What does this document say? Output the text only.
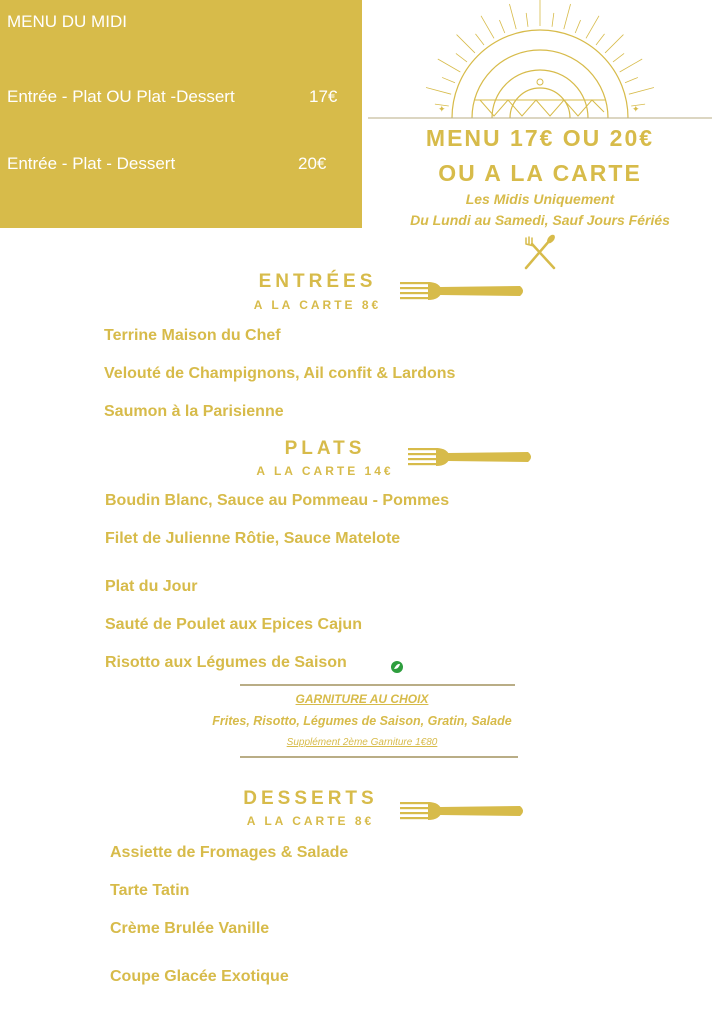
MENU DU MIDI
Entrée - Plat OU Plat -Dessert	17€
Entrée - Plat - Dessert	20€
✦	✦
MENU 17€ OU 20€
OU A LA CARTE
Les Midis Uniquement
Du Lundi au Samedi, Sauf Jours Fériés
ENTRÉES
A LA CARTE 8€
Terrine Maison du Chef
Velouté de Champignons, Ail confit & Lardons
Saumon à la Parisienne
PLATS
A LA CARTE 14€
Boudin Blanc, Sauce au Pommeau - Pommes
Filet de Julienne Rôtie, Sauce Matelote
Plat du Jour
Sauté de Poulet aux Epices Cajun
Risotto aux Légumes de Saison
GARNITURE AU CHOIX
Frites, Risotto, Légumes de Saison, Gratin, Salade
Supplément 2ème Garniture 1€80
DESSERTS
A LA CARTE 8€
Assiette de Fromages & Salade
Tarte Tatin
Crème Brulée Vanille
Coupe Glacée Exotique
